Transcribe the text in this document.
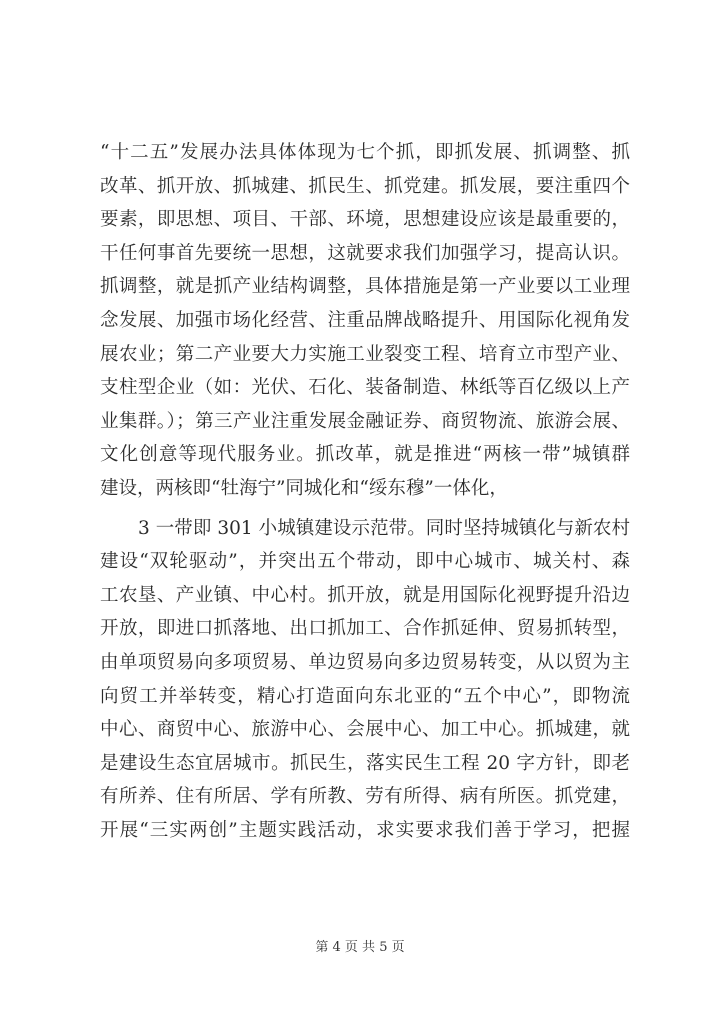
“十二五”发展办法具体体现为七个抓，即抓发展、抓调整、抓
改革、抓开放、抓城建、抓民生、抓党建。抓发展，要注重四个
要素，即思想、项目、干部、环境，思想建设应该是最重要的，
干任何事首先要统一思想，这就要求我们加强学习，提高认识。
抓调整，就是抓产业结构调整，具体措施是第一产业要以工业理
念发展、加强市场化经营、注重品牌战略提升、用国际化视角发
展农业；第二产业要大力实施工业裂变工程、培育立市型产业、
支柱型企业（如：光伏、石化、装备制造、林纸等百亿级以上产
业集群。）；第三产业注重发展金融证券、商贸物流、旅游会展、
文化创意等现代服务业。抓改革，就是推进“两核一带”城镇群
建设，两核即“牡海宁”同城化和“绥东穆”一体化，
3 一带即 301 小城镇建设示范带。同时坚持城镇化与新农村
建设“双轮驱动”，并突出五个带动，即中心城市、城关村、森
工农垦、产业镇、中心村。抓开放，就是用国际化视野提升沿边
开放，即进口抓落地、出口抓加工、合作抓延伸、贸易抓转型，
由单项贸易向多项贸易、单边贸易向多边贸易转变，从以贸为主
向贸工并举转变，精心打造面向东北亚的“五个中心”，即物流
中心、商贸中心、旅游中心、会展中心、加工中心。抓城建，就
是建设生态宜居城市。抓民生，落实民生工程 20 字方针，即老
有所养、住有所居、学有所教、劳有所得、病有所医。抓党建，
开展“三实两创”主题实践活动，求实要求我们善于学习，把握
第 4 页 共 5 页
